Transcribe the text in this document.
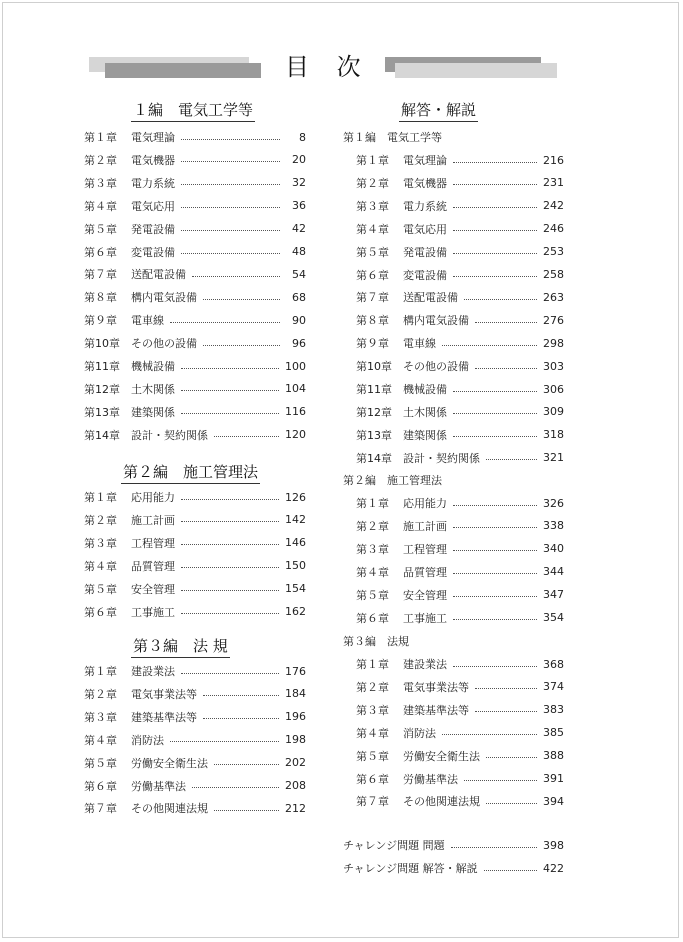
目 次
１編　電気工学等
第１章	電気理論	8
第２章	電気機器	20
第３章	電力系統	32
第４章	電気応用	36
第５章	発電設備	42
第６章	変電設備	48
第７章	送配電設備	54
第８章	構内電気設備	68
第９章	電車線	90
第10章	その他の設備	96
第11章	機械設備	100
第12章	土木関係	104
第13章	建築関係	116
第14章	設計・契約関係	120
第２編　施工管理法
第１章	応用能力	126
第２章	施工計画	142
第３章	工程管理	146
第４章	品質管理	150
第５章	安全管理	154
第６章	工事施工	162
第３編　法 規
第１章	建設業法	176
第２章	電気事業法等	184
第３章	建築基準法等	196
第４章	消防法	198
第５章	労働安全衛生法	202
第６章	労働基準法	208
第７章	その他関連法規	212
解答・解説
第１編　電気工学等
第１章	電気理論	216
第２章	電気機器	231
第３章	電力系統	242
第４章	電気応用	246
第５章	発電設備	253
第６章	変電設備	258
第７章	送配電設備	263
第８章	構内電気設備	276
第９章	電車線	298
第10章	その他の設備	303
第11章	機械設備	306
第12章	土木関係	309
第13章	建築関係	318
第14章	設計・契約関係	321
第２編　施工管理法
第１章	応用能力	326
第２章	施工計画	338
第３章	工程管理	340
第４章	品質管理	344
第５章	安全管理	347
第６章	工事施工	354
第３編　法規
第１章	建設業法	368
第２章	電気事業法等	374
第３章	建築基準法等	383
第４章	消防法	385
第５章	労働安全衛生法	388
第６章	労働基準法	391
第７章	その他関連法規	394
チャレンジ問題 問題	398
チャレンジ問題 解答・解説	422
